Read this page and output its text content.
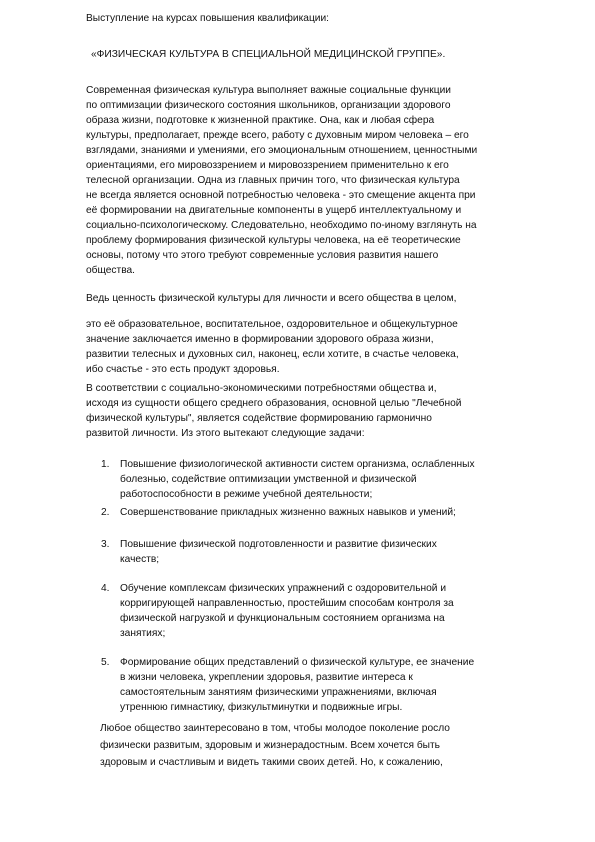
Выступление на курсах повышения квалификации:
«ФИЗИЧЕСКАЯ КУЛЬТУРА В СПЕЦИАЛЬНОЙ МЕДИЦИНСКОЙ ГРУППЕ».
Современная физическая культура выполняет важные социальные функции
по оптимизации физического состояния школьников, организации здорового
образа жизни, подготовке к жизненной практике. Она, как и любая сфера
культуры, предполагает, прежде всего, работу с духовным миром человека – его
взглядами, знаниями и умениями, его эмоциональным отношением, ценностными
ориентациями, его мировоззрением и мировоззрением применительно к его
телесной организации. Одна из главных причин того, что физическая культура
не всегда является основной потребностью человека - это смещение акцента при
её формировании на двигательные компоненты в ущерб интеллектуальному и
социально-психологическому. Следовательно, необходимо по-иному взглянуть на
проблему формирования физической культуры человека, на её теоретические
основы, потому что этого требуют современные условия развития нашего
общества.
Ведь ценность физической культуры для личности и всего общества в целом,
это её образовательное, воспитательное, оздоровительное и общекультурное
значение заключается именно в формировании здорового образа жизни,
развитии телесных и духовных сил, наконец, если хотите, в счастье человека,
ибо счастье - это есть продукт здоровья.
В соответствии с социально-экономическими потребностями общества и,
исходя из сущности общего среднего образования, основной целью "Лечебной
физической культуры", является содействие формированию гармонично
развитой личности. Из этого вытекают следующие задачи:
1. Повышение физиологической активности систем организма, ослабленных
болезнью, содействие оптимизации умственной и физической
работоспособности в режиме учебной деятельности;
2. Совершенствование прикладных жизненно важных навыков и умений;
3. Повышение физической подготовленности и развитие физических
качеств;
4. Обучение комплексам физических упражнений с оздоровительной и
корригирующей направленностью, простейшим способам контроля за
физической нагрузкой и функциональным состоянием организма на
занятиях;
5. Формирование общих представлений о физической культуре, ее значение
в жизни человека, укреплении здоровья, развитие интереса к
самостоятельным занятиям физическими упражнениями, включая
утреннюю гимнастику, физкультминутки и подвижные игры.
Любое общество заинтересовано в том, чтобы молодое поколение росло
физически развитым, здоровым и жизнерадостным. Всем хочется быть
здоровым и счастливым и видеть такими своих детей. Но, к сожалению,
